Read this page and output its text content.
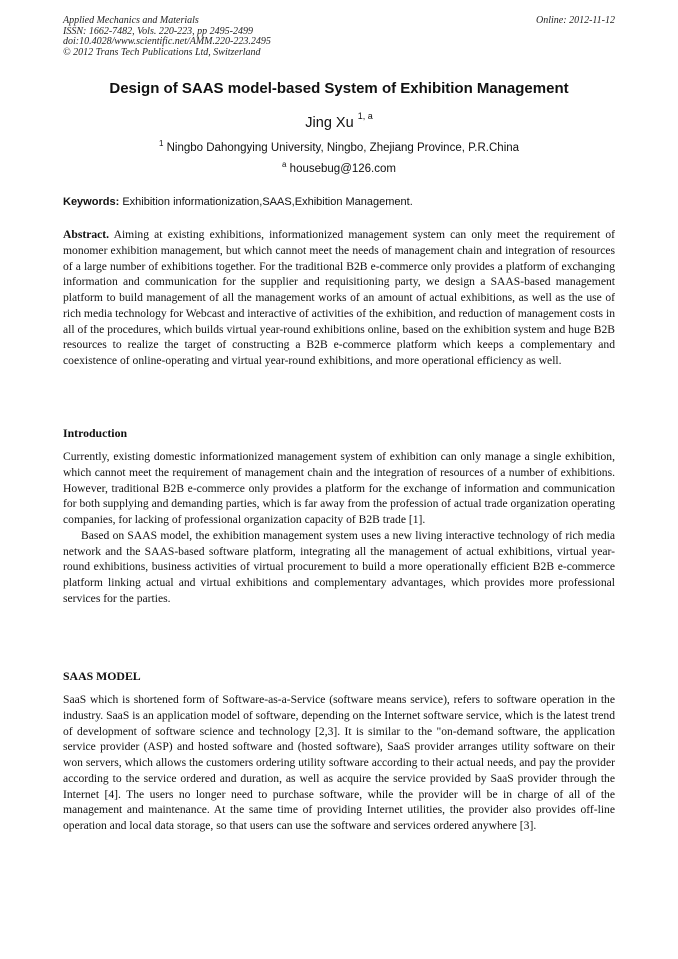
Applied Mechanics and Materials
ISSN: 1662-7482, Vols. 220-223, pp 2495-2499
doi:10.4028/www.scientific.net/AMM.220-223.2495
© 2012 Trans Tech Publications Ltd, Switzerland
Online: 2012-11-12
Design of SAAS model-based System of Exhibition Management
Jing Xu $^{1, a}$
$^1$ Ningbo Dahongying University, Ningbo, Zhejiang Province, P.R.China
$^a$ housebug@126.com
Keywords: Exhibition informationization,SAAS,Exhibition Management.

Abstract. Aiming at existing exhibitions, informationized management system can only meet the requirement of monomer exhibition management, but which cannot meet the needs of management chain and integration of resources of a large number of exhibitions together. For the traditional B2B e-commerce only provides a platform of exchanging information and communication for the supplier and requisitioning party, we design a SAAS-based management platform to build management of all the management works of an amount of actual exhibitions, as well as the use of rich media technology for Webcast and interactive of activities of the exhibition, and reduction of management costs in all of the procedures, which builds virtual year-round exhibitions online, based on the exhibition system and huge B2B resources to realize the target of constructing a B2B e-commerce platform which keeps a complementary and coexistence of online-operating and virtual year-round exhibitions, and more operational efficiency as well.

Introduction

Currently, existing domestic informationized management system of exhibition can only manage a single exhibition, which cannot meet the requirement of management chain and the integration of resources of a number of exhibitions. However, traditional B2B e-commerce only provides a platform for the exchange of information and communication for both supplying and demanding parties, which is far away from the profession of actual trade organization operating companies, for lacking of professional organization capacity of B2B trade [1].

Based on SAAS model, the exhibition management system uses a new living interactive technology of rich media network and the SAAS-based software platform, integrating all the management of actual exhibitions, virtual year-round exhibitions, business activities of virtual procurement to build a more operationally efficient B2B e-commerce platform linking actual and virtual exhibitions and complementary advantages, which provides more professional services for the parties.

SAAS MODEL

SaaS which is shortened form of Software-as-a-Service (software means service), refers to software operation in the industry. SaaS is an application model of software, depending on the Internet software service, which is the latest trend of development of software science and technology [2,3]. It is similar to the "on-demand software, the application service provider (ASP) and hosted software and (hosted software), SaaS provider arranges utility software on their won servers, which allows the customers ordering utility software according to their actual needs, and pay the provider according to the service ordered and duration, as well as acquire the service provided by SaaS provider through the Internet [4]. The users no longer need to purchase software, while the provider will be in charge of all of the management and maintenance. At the same time of providing Internet utilities, the provider also provides off-line operation and local data storage, so that users can use the software and services ordered anywhere [3].
